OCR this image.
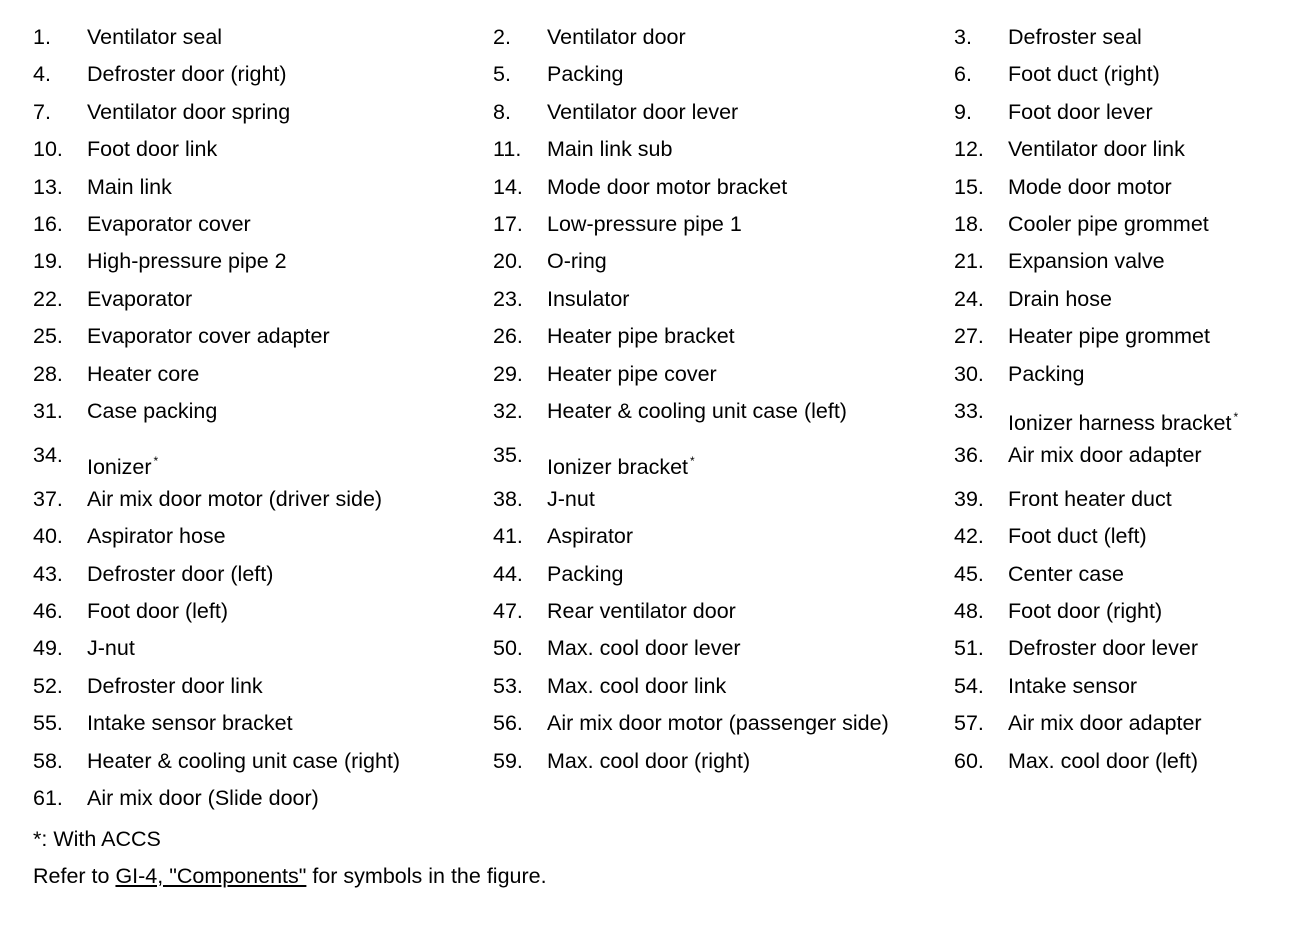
1. Ventilator seal	2. Ventilator door	3. Defroster seal
4. Defroster door (right)	5. Packing	6. Foot duct (right)
7. Ventilator door spring	8. Ventilator door lever	9. Foot door lever
10. Foot door link	11. Main link sub	12. Ventilator door link
13. Main link	14. Mode door motor bracket	15. Mode door motor
16. Evaporator cover	17. Low-pressure pipe 1	18. Cooler pipe grommet
19. High-pressure pipe 2	20. O-ring	21. Expansion valve
22. Evaporator	23. Insulator	24. Drain hose
25. Evaporator cover adapter	26. Heater pipe bracket	27. Heater pipe grommet
28. Heater core	29. Heater pipe cover	30. Packing
31. Case packing	32. Heater & cooling unit case (left)	33. Ionizer harness bracket *
34. Ionizer *	35. Ionizer bracket *	36. Air mix door adapter
37. Air mix door motor (driver side)	38. J-nut	39. Front heater duct
40. Aspirator hose	41. Aspirator	42. Foot duct (left)
43. Defroster door (left)	44. Packing	45. Center case
46. Foot door (left)	47. Rear ventilator door	48. Foot door (right)
49. J-nut	50. Max. cool door lever	51. Defroster door lever
52. Defroster door link	53. Max. cool door link	54. Intake sensor
55. Intake sensor bracket	56. Air mix door motor (passenger side)	57. Air mix door adapter
58. Heater & cooling unit case (right)	59. Max. cool door (right)	60. Max. cool door (left)
61. Air mix door (Slide door)
*: With ACCS
Refer to GI-4, "Components" for symbols in the figure.
